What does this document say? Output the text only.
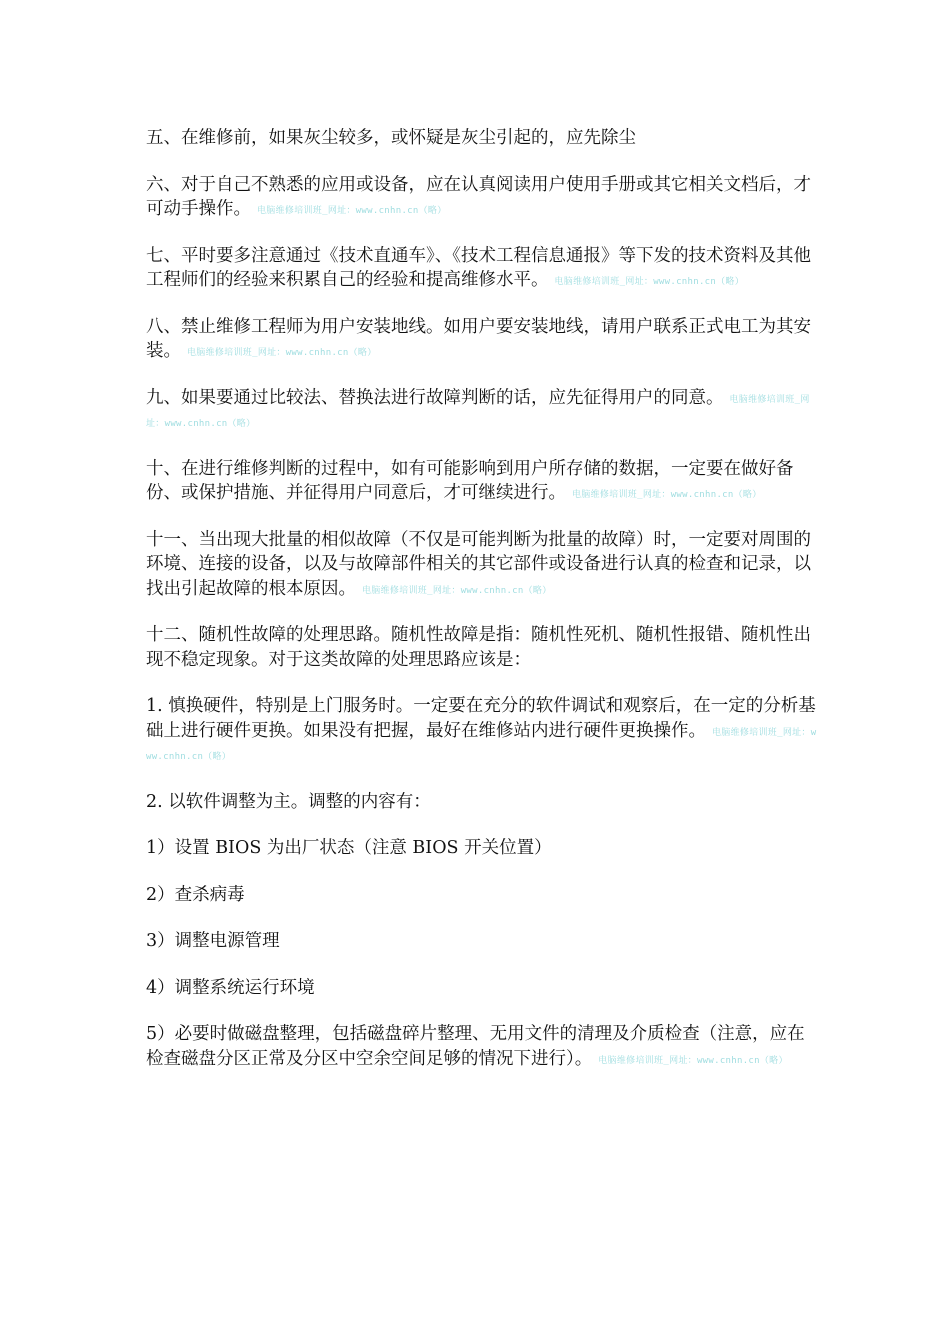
五、在维修前，如果灰尘较多，或怀疑是灰尘引起的，应先除尘

六、对于自己不熟悉的应用或设备，应在认真阅读用户使用手册或其它相关文档后，才可动手操作。 电脑维修培训班_网址：www.cnhn.cn（略）

七、平时要多注意通过《技术直通车》、《技术工程信息通报》等下发的技术资料及其他工程师们的经验来积累自己的经验和提高维修水平。 电脑维修培训班_网址：www.cnhn.cn（略）

八、禁止维修工程师为用户安装地线。如用户要安装地线，请用户联系正式电工为其安装。 电脑维修培训班_网址：www.cnhn.cn（略）

九、如果要通过比较法、替换法进行故障判断的话，应先征得用户的同意。 电脑维修培训班_网址：www.cnhn.cn（略）

十、在进行维修判断的过程中，如有可能影响到用户所存储的数据，一定要在做好备份、或保护措施、并征得用户同意后，才可继续进行。 电脑维修培训班_网址：www.cnhn.cn（略）

十一、当出现大批量的相似故障（不仅是可能判断为批量的故障）时，一定要对周围的环境、连接的设备，以及与故障部件相关的其它部件或设备进行认真的检查和记录，以找出引起故障的根本原因。 电脑维修培训班_网址：www.cnhn.cn（略）

十二、随机性故障的处理思路。随机性故障是指：随机性死机、随机性报错、随机性出现不稳定现象。对于这类故障的处理思路应该是：

1. 慎换硬件，特别是上门服务时。一定要在充分的软件调试和观察后，在一定的分析基础上进行硬件更换。如果没有把握，最好在维修站内进行硬件更换操作。 电脑维修培训班_网址：www.cnhn.cn（略）

2. 以软件调整为主。调整的内容有：

1）设置 BIOS 为出厂状态（注意 BIOS 开关位置）

2）查杀病毒

3）调整电源管理

4）调整系统运行环境

5）必要时做磁盘整理，包括磁盘碎片整理、无用文件的清理及介质检查（注意，应在检查磁盘分区正常及分区中空余空间足够的情况下进行）。 电脑维修培训班_网址：www.cnhn.cn（略）
